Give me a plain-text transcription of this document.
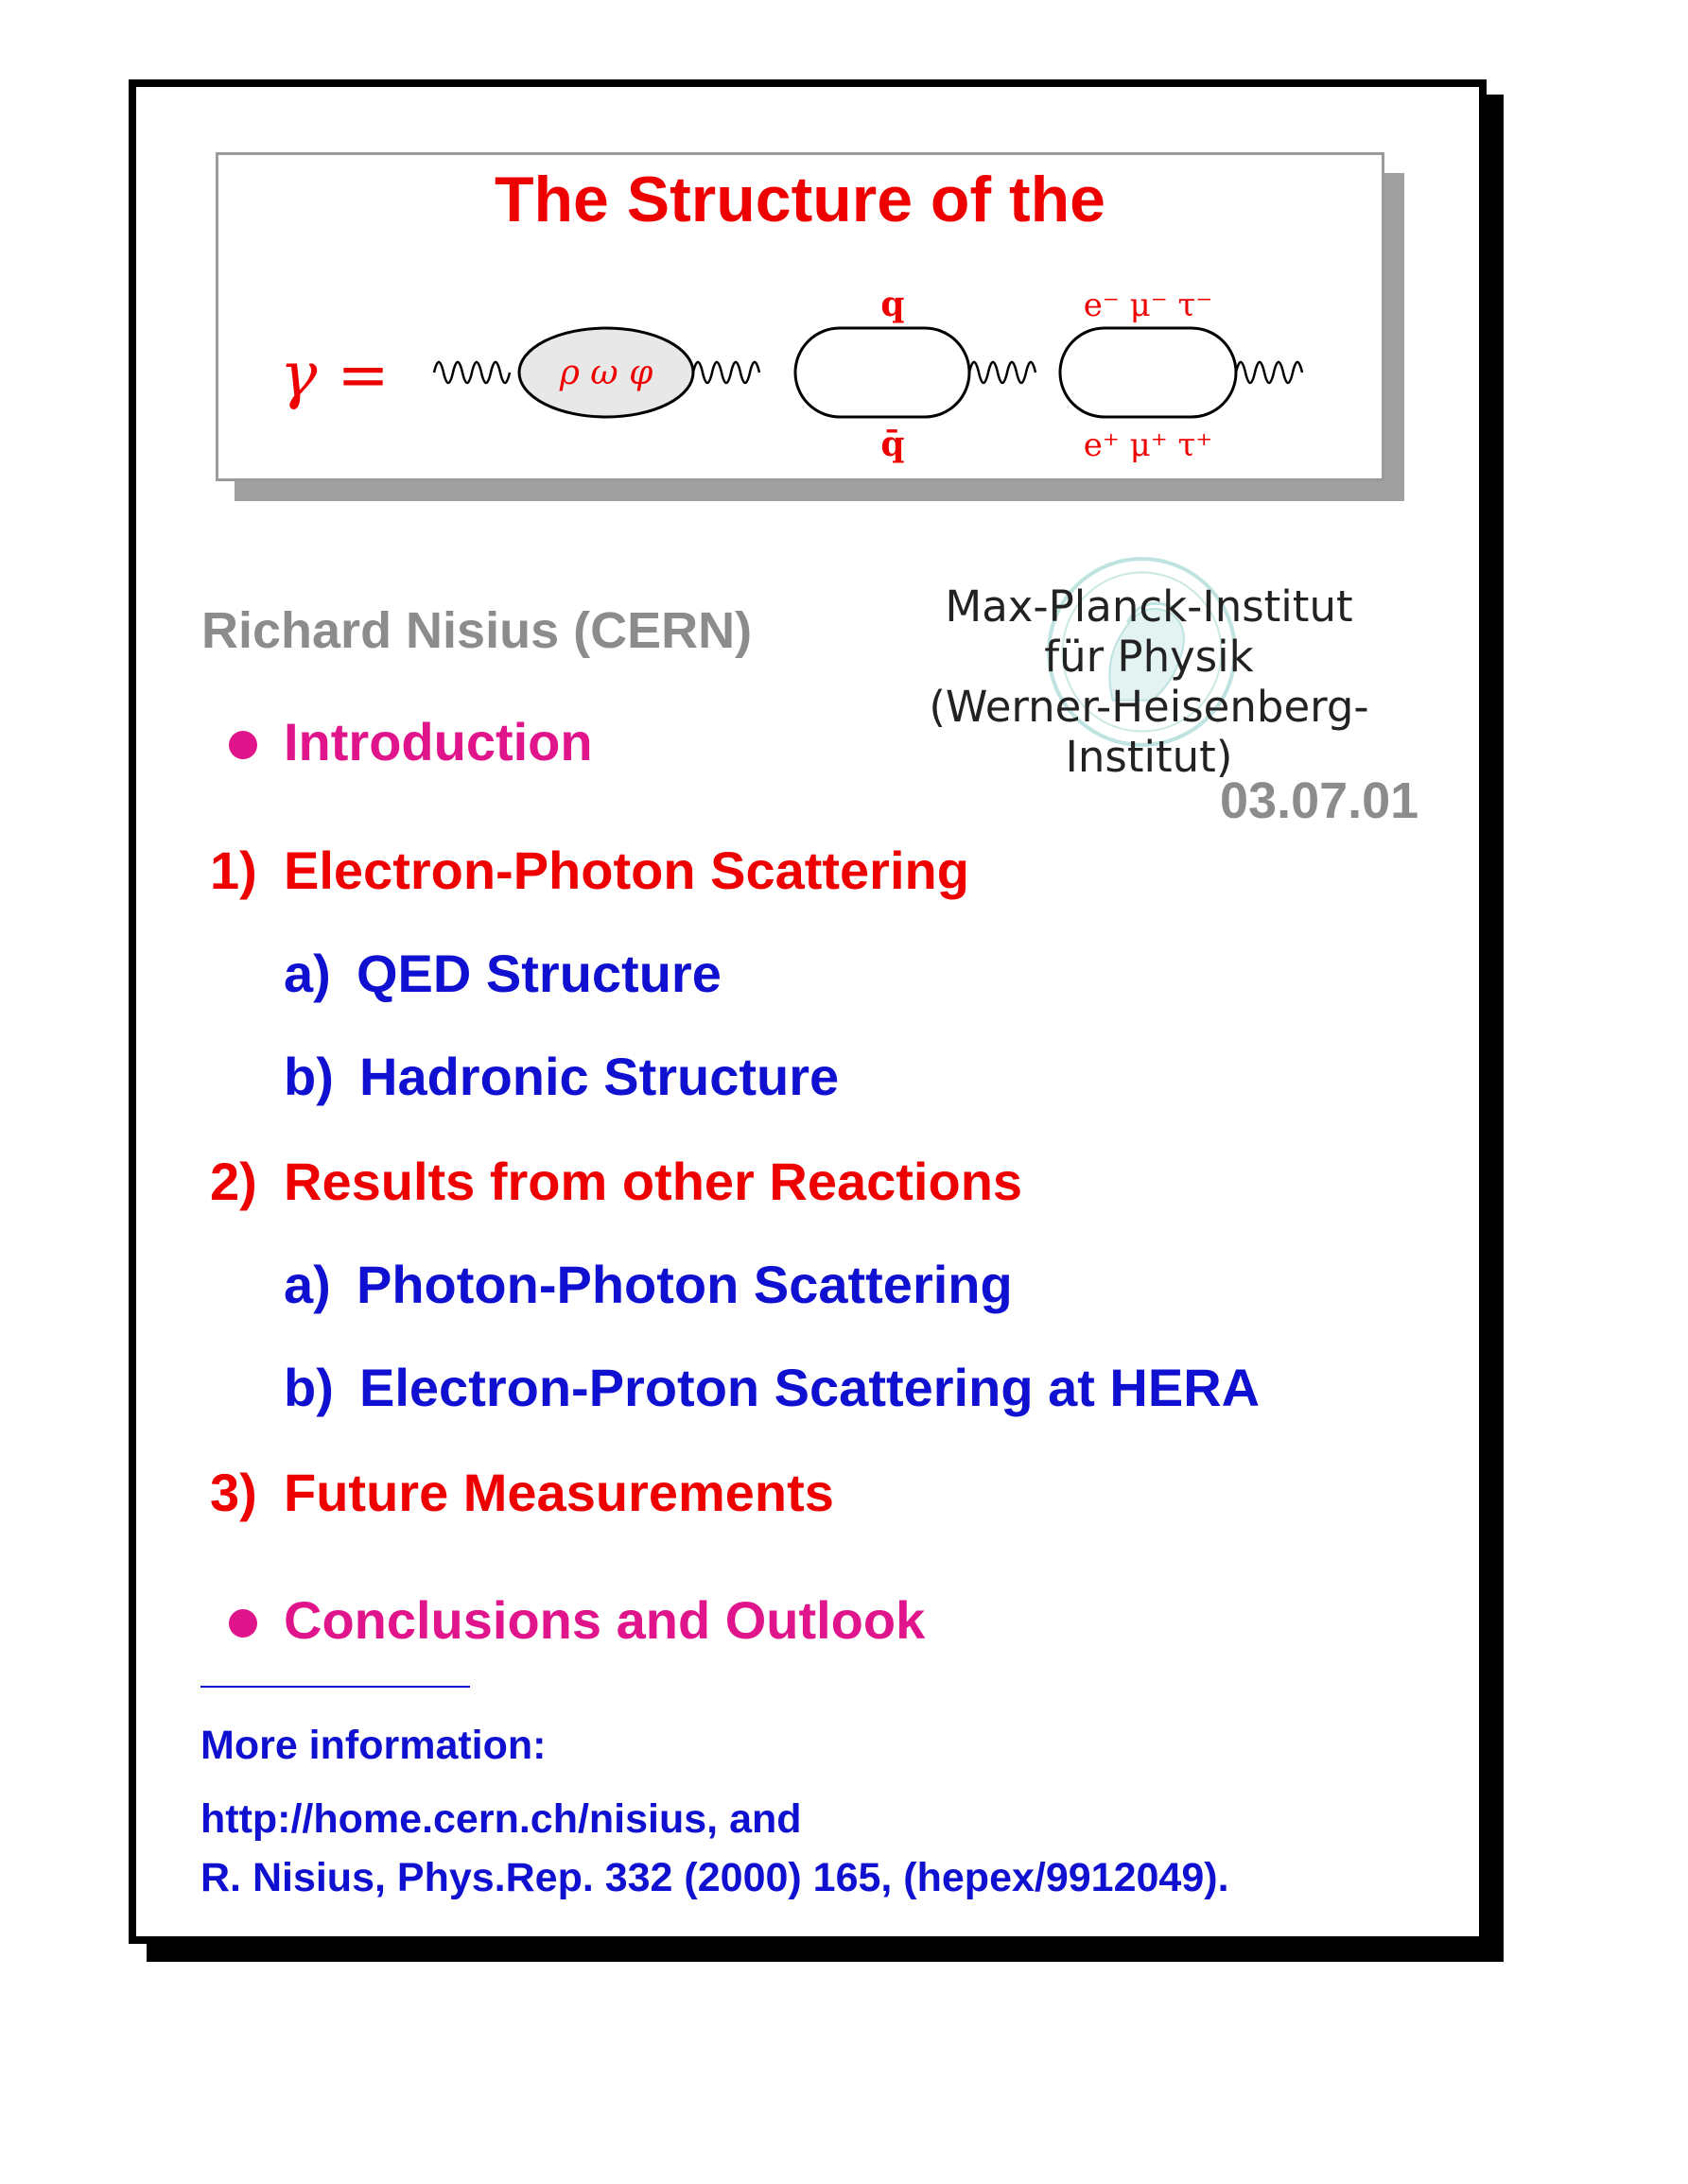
The Structure of the
γ =	ρ ω φ
q
q̄
e⁻ μ⁻ τ⁻
e⁺ μ⁺ τ⁺
Richard Nisius (CERN)	Max-Planck-Institut
für Physik
(Werner-Heisenberg-Institut)
03.07.01
Introduction
1) Electron-Photon Scattering
a) QED Structure
b) Hadronic Structure
2) Results from other Reactions
a) Photon-Photon Scattering
b) Electron-Proton Scattering at HERA
3) Future Measurements
Conclusions and Outlook
More information:
http://home.cern.ch/nisius, and
R. Nisius, Phys.Rep. 332 (2000) 165, (hepex/9912049).
